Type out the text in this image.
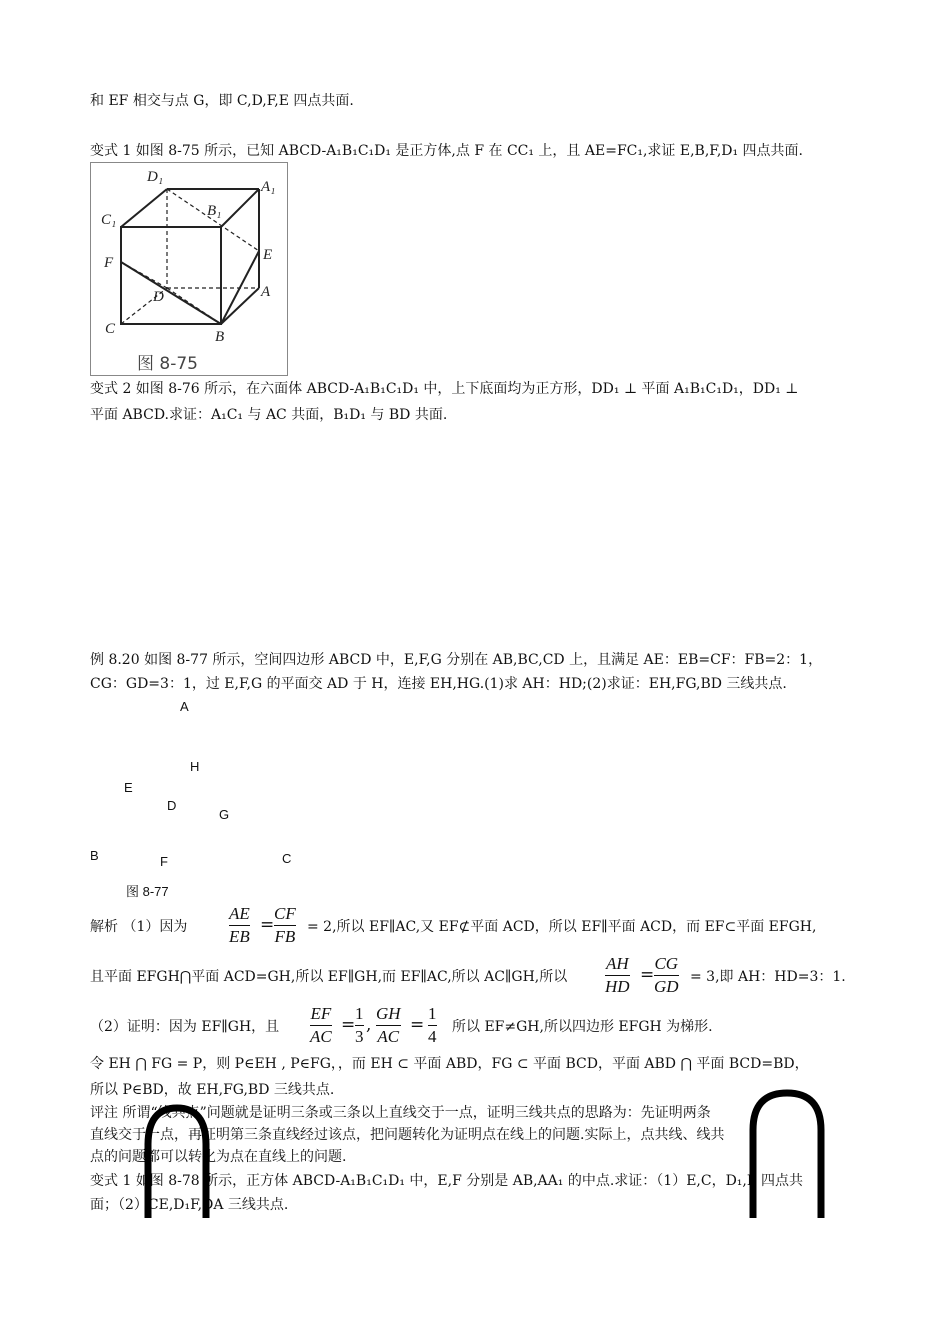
和 EF 相交与点 G，即 C,D,F,E 四点共面.
变式 1 如图 8-75 所示，已知 ABCD-A₁B₁C₁D₁ 是正方体,点 F 在 CC₁ 上，且 AE=FC₁,求证 E,B,F,D₁ 四点共面.
D₁
A₁
C₁
B₁
F	E
D	A
C	B
图 8-75
变式 2 如图 8-76 所示，在六面体 ABCD-A₁B₁C₁D₁ 中，上下底面均为正方形，DD₁ ⊥ 平面 A₁B₁C₁D₁，DD₁ ⊥
平面 ABCD.求证：A₁C₁ 与 AC 共面，B₁D₁ 与 BD 共面.
例 8.20 如图 8-77 所示，空间四边形 ABCD 中，E,F,G 分别在 AB,BC,CD 上，且满足 AE：EB=CF：FB=2：1，
CG：GD=3：1，过 E,F,G 的平面交 AD 于 H，连接 EH,HG.(1)求 AH：HD;(2)求证：EH,FG,BD 三线共点.
A
H
E
D
G
B	F	C
图 8-77
解析 （1）因为
AE
EB
=
CF
FB = 2,所以 EF∥AC,又 EF⊄平面 ACD，所以 EF∥平面 ACD，而 EF⊂平面 EFGH,
且平面 EFGH⋂平面 ACD=GH,所以 EF∥GH,而 EF∥AC,所以 AC∥GH,所以
AH
HD
=
CG
GD = 3,即 AH：HD=3：1.
（2）证明：因为 EF∥GH，且
EF
AC
=
1
3
,
GH
AC
=
1
4 所以 EF≠GH,所以四边形 EFGH 为梯形.
令 EH ⋂ FG = P，则 P∈EH , P∈FG，，而 EH ⊂ 平面 ABD，FG ⊂ 平面 BCD，平面 ABD ⋂ 平面 BCD=BD，
所以 P∈BD，故 EH,FG,BD 三线共点.
评注 所谓“线共点”问题就是证明三条或三条以上直线交于一点，证明三线共点的思路为：先证明两条
直线交于一点，再证明第三条直线经过该点，把问题转化为证明点在线上的问题.实际上，点共线、线共
点的问题都可以转化为点在直线上的问题.
变式 1 如图 8-78 所示，正方体 ABCD-A₁B₁C₁D₁ 中，E,F 分别是 AB,AA₁ 的中点.求证：（1）E,C，D₁,F 四点共
面；（2）CE,D₁F,DA 三线共点.
